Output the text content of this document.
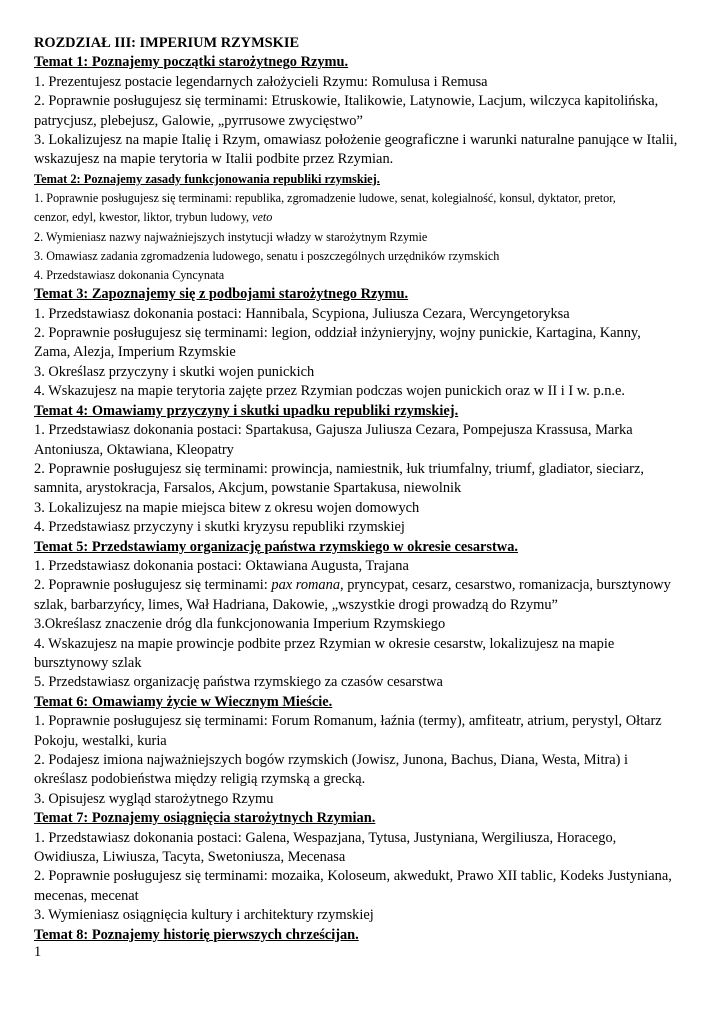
ROZDZIAŁ III: IMPERIUM RZYMSKIE
Temat 1: Poznajemy początki starożytnego Rzymu.
1. Prezentujesz postacie legendarnych założycieli Rzymu: Romulusa i Remusa
2. Poprawnie posługujesz się terminami: Etruskowie, Italikowie, Latynowie, Lacjum, wilczyca kapitolińska,
patrycjusz, plebejusz, Galowie, „pyrrusowe zwycięstwo”
3. Lokalizujesz na mapie Italię i Rzym, omawiasz położenie geograficzne i warunki naturalne panujące w Italii,
wskazujesz na mapie terytoria w Italii podbite przez Rzymian.
Temat 2: Poznajemy zasady funkcjonowania republiki rzymskiej.
1. Poprawnie posługujesz się terminami: republika, zgromadzenie ludowe, senat, kolegialność, konsul, dyktator, pretor,
cenzor, edyl, kwestor, liktor, trybun ludowy, veto
2. Wymieniasz nazwy najważniejszych instytucji władzy w starożytnym Rzymie
3. Omawiasz zadania zgromadzenia ludowego, senatu i poszczególnych urzędników rzymskich
4. Przedstawiasz dokonania Cyncynata
Temat 3: Zapoznajemy się z podbojami starożytnego Rzymu.
1. Przedstawiasz dokonania postaci: Hannibala, Scypiona, Juliusza Cezara, Wercyngetoryksa
2. Poprawnie posługujesz się terminami: legion, oddział inżynieryjny, wojny punickie, Kartagina, Kanny,
Zama, Alezja, Imperium Rzymskie
3. Określasz przyczyny i skutki wojen punickich
4. Wskazujesz na mapie terytoria zajęte przez Rzymian podczas wojen punickich oraz w II i I w. p.n.e.
Temat 4: Omawiamy przyczyny i skutki upadku republiki rzymskiej.
1. Przedstawiasz dokonania postaci: Spartakusa, Gajusza Juliusza Cezara, Pompejusza Krassusa, Marka
Antoniusza, Oktawiana, Kleopatry
2. Poprawnie posługujesz się terminami: prowincja, namiestnik, łuk triumfalny, triumf, gladiator, sieciarz,
samnita, arystokracja, Farsalos, Akcjum, powstanie Spartakusa, niewolnik
3. Lokalizujesz na mapie miejsca bitew z okresu wojen domowych
4. Przedstawiasz przyczyny i skutki kryzysu republiki rzymskiej
Temat 5: Przedstawiamy organizację państwa rzymskiego w okresie cesarstwa.
1. Przedstawiasz dokonania postaci: Oktawiana Augusta, Trajana
2. Poprawnie posługujesz się terminami: pax romana, pryncypat, cesarz, cesarstwo, romanizacja, bursztynowy
szlak, barbarzyńcy, limes, Wał Hadriana, Dakowie, „wszystkie drogi prowadzą do Rzymu”
3.Określasz znaczenie dróg dla funkcjonowania Imperium Rzymskiego
4. Wskazujesz na mapie prowincje podbite przez Rzymian w okresie cesarstw, lokalizujesz na mapie
bursztynowy szlak
5. Przedstawiasz organizację państwa rzymskiego za czasów cesarstwa
Temat 6: Omawiamy życie w Wiecznym Mieście.
1. Poprawnie posługujesz się terminami: Forum Romanum, łaźnia (termy), amfiteatr, atrium, perystyl, Ołtarz
Pokoju, westalki, kuria
2. Podajesz imiona najważniejszych bogów rzymskich (Jowisz, Junona, Bachus, Diana, Westa, Mitra) i
określasz podobieństwa między religią rzymską a grecką.
3. Opisujesz wygląd starożytnego Rzymu
Temat 7: Poznajemy osiągnięcia starożytnych Rzymian.
1. Przedstawiasz dokonania postaci: Galena, Wespazjana, Tytusa, Justyniana, Wergiliusza, Horacego,
Owidiusza, Liwiusza, Tacyta, Swetoniusza, Mecenasa
2. Poprawnie posługujesz się terminami: mozaika, Koloseum, akwedukt, Prawo XII tablic, Kodeks Justyniana,
mecenas, mecenat
3. Wymieniasz osiągnięcia kultury i architektury rzymskiej
Temat 8: Poznajemy historię pierwszych chrześcijan.
1
